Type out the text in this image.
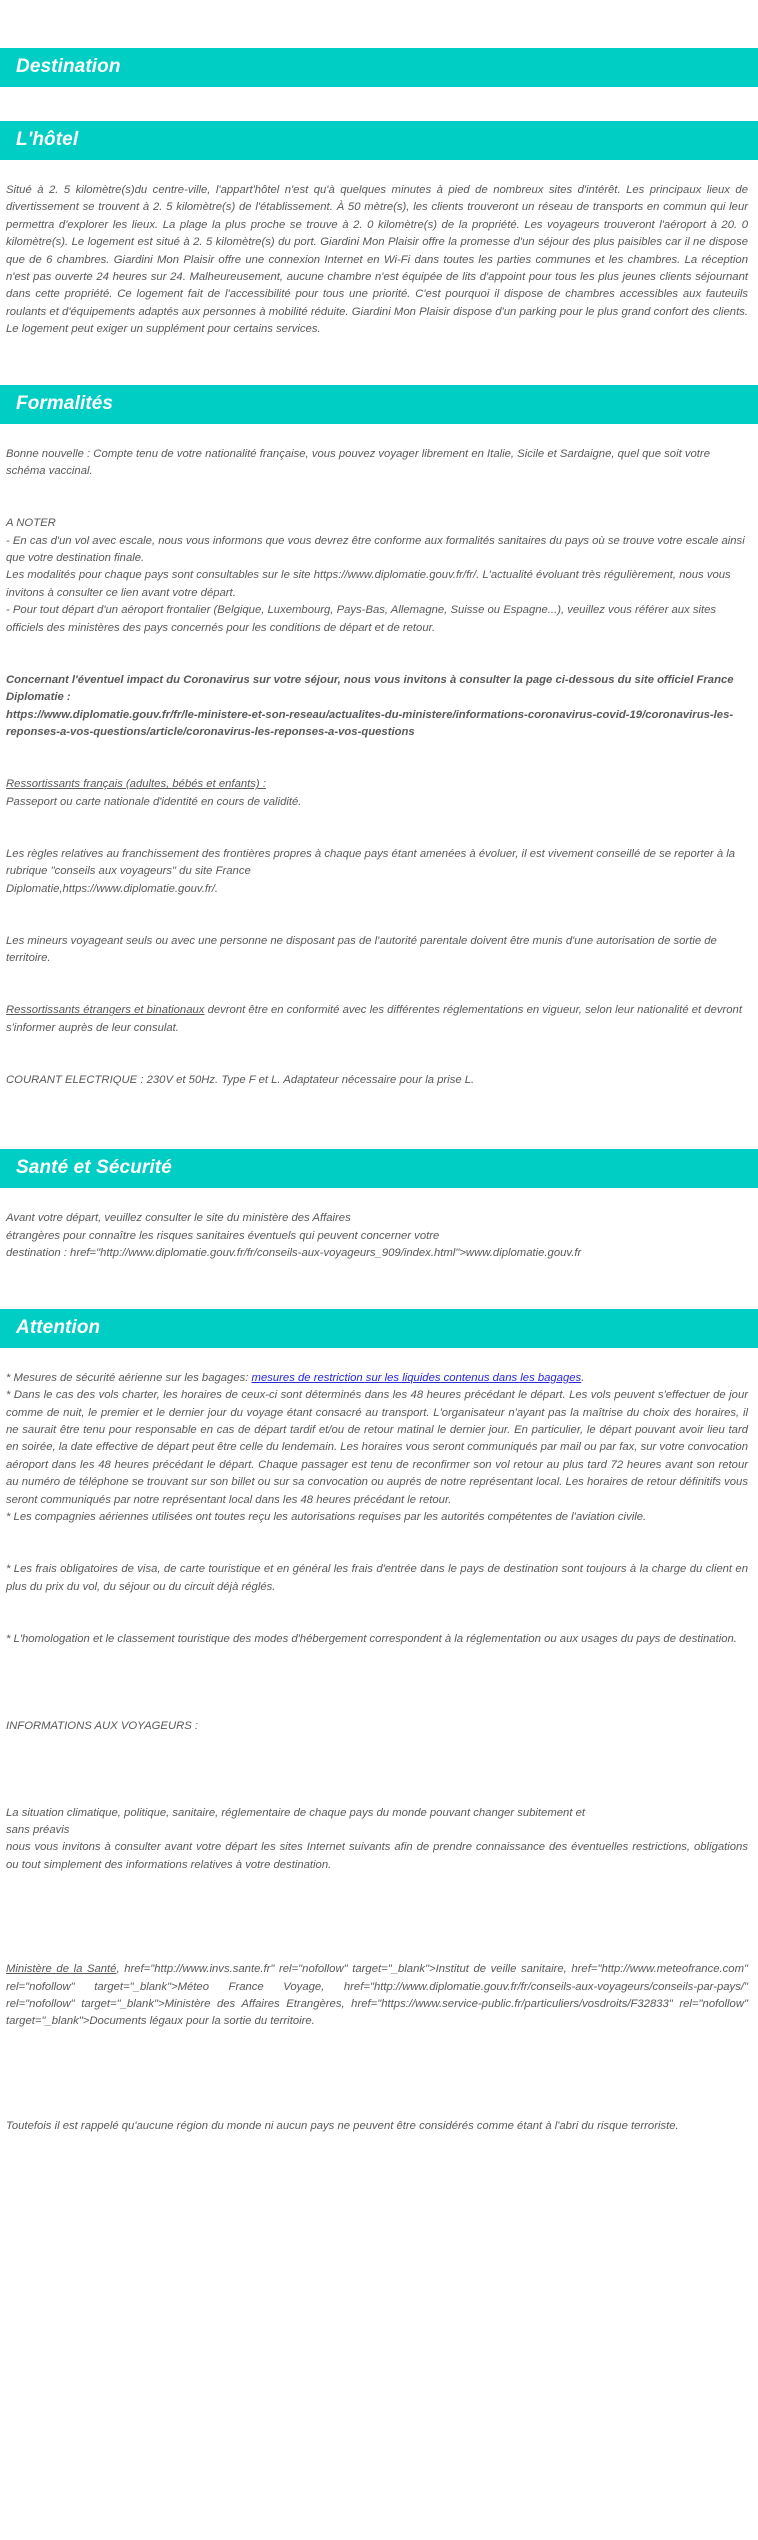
Destination
L'hôtel

Situé à 2. 5 kilomètre(s)du centre-ville, l'appart'hôtel n'est qu'à quelques minutes à pied de nombreux sites d'intérêt. Les principaux lieux de divertissement se trouvent à 2. 5 kilomètre(s) de l'établissement. À 50 mètre(s), les clients trouveront un réseau de transports en commun qui leur permettra d'explorer les lieux. La plage la plus proche se trouve à 2. 0 kilomètre(s) de la propriété. Les voyageurs trouveront l'aéroport à 20. 0 kilomètre(s). Le logement est situé à 2. 5 kilomètre(s) du port. Giardini Mon Plaisir offre la promesse d'un séjour des plus paisibles car il ne dispose que de 6 chambres. Giardini Mon Plaisir offre une connexion Internet en Wi-Fi dans toutes les parties communes et les chambres. La réception n'est pas ouverte 24 heures sur 24. Malheureusement, aucune chambre n'est équipée de lits d'appoint pour tous les plus jeunes clients séjournant dans cette propriété. Ce logement fait de l'accessibilité pour tous une priorité. C'est pourquoi il dispose de chambres accessibles aux fauteuils roulants et d'équipements adaptés aux personnes à mobilité réduite. Giardini Mon Plaisir dispose d'un parking pour le plus grand confort des clients. Le logement peut exiger un supplément pour certains services.

Formalités

Bonne nouvelle : Compte tenu de votre nationalité française, vous pouvez voyager librement en Italie, Sicile et Sardaigne, quel que soit votre schéma vaccinal.

A NOTER

- En cas d'un vol avec escale, nous vous informons que vous devrez être conforme aux formalités sanitaires du pays où se trouve votre escale ainsi que votre destination finale.

Les modalités pour chaque pays sont consultables sur le site https://www.diplomatie.gouv.fr/fr/. L'actualité évoluant très régulièrement, nous vous invitons à consulter ce lien avant votre départ.

- Pour tout départ d'un aéroport frontalier (Belgique, Luxembourg, Pays-Bas, Allemagne, Suisse ou Espagne...), veuillez vous référer aux sites officiels des ministères des pays concernés pour les conditions de départ et de retour.

Concernant l'éventuel impact du Coronavirus sur votre séjour, nous vous invitons à consulter la page ci-dessous du site officiel France Diplomatie :

https://www.diplomatie.gouv.fr/fr/le-ministere-et-son-reseau/actualites-du-ministere/informations-coronavirus-covid-19/coronavirus-les-reponses-a-vos-questions/article/coronavirus-les-reponses-a-vos-questions

Ressortissants français (adultes, bébés et enfants) :

Passeport ou carte nationale d'identité en cours de validité.

Les règles relatives au franchissement des frontières propres à chaque pays étant amenées à évoluer, il est vivement conseillé de se reporter à la rubrique "conseils aux voyageurs" du site France

Diplomatie,https://www.diplomatie.gouv.fr/.

Les mineurs voyageant seuls ou avec une personne ne disposant pas de l'autorité parentale doivent être munis d'une autorisation de sortie de territoire.

Ressortissants étrangers et binationaux devront être en conformité avec les différentes réglementations en vigueur, selon leur nationalité et devront s'informer auprès de leur consulat.

COURANT ELECTRIQUE : 230V et 50Hz. Type F et L. Adaptateur nécessaire pour la prise L.

Santé et Sécurité

Avant votre départ, veuillez consulter le site du ministère des Affaires

étrangères pour connaître les risques sanitaires éventuels qui peuvent concerner votre

destination : href="http://www.diplomatie.gouv.fr/fr/conseils-aux-voyageurs_909/index.html">www.diplomatie.gouv.fr

Attention

* Mesures de sécurité aérienne sur les bagages: mesures de restriction sur les liquides contenus dans les bagages.

* Dans le cas des vols charter, les horaires de ceux-ci sont déterminés dans les 48 heures précédant le départ. Les vols peuvent s'effectuer de jour comme de nuit, le premier et le dernier jour du voyage étant consacré au transport. L'organisateur n'ayant pas la maîtrise du choix des horaires, il ne saurait être tenu pour responsable en cas de départ tardif et/ou de retour matinal le dernier jour. En particulier, le départ pouvant avoir lieu tard en soirée, la date effective de départ peut être celle du lendemain. Les horaires vous seront communiqués par mail ou par fax, sur votre convocation aéroport dans les 48 heures précédant le départ. Chaque passager est tenu de reconfirmer son vol retour au plus tard 72 heures avant son retour au numéro de téléphone se trouvant sur son billet ou sur sa convocation ou auprés de notre représentant local. Les horaires de retour définitifs vous seront communiqués par notre représentant local dans les 48 heures précédant le retour.

* Les compagnies aériennes utilisées ont toutes reçu les autorisations requises par les autorités compétentes de l'aviation civile.

* Les frais obligatoires de visa, de carte touristique et en général les frais d'entrée dans le pays de destination sont toujours à la charge du client en plus du prix du vol, du séjour ou du circuit déjà réglés.

* L'homologation et le classement touristique des modes d'hébergement correspondent à la réglementation ou aux usages du pays de destination.

INFORMATIONS AUX VOYAGEURS :

La situation climatique, politique, sanitaire, réglementaire de chaque pays du monde pouvant changer subitement et

sans préavis

nous vous invitons à consulter avant votre départ les sites Internet suivants afin de prendre connaissance des éventuelles restrictions, obligations ou tout simplement des informations relatives à votre destination.

Ministère de la Santé, href="http://www.invs.sante.fr" rel="nofollow" target="_blank">Institut de veille sanitaire, href="http://www.meteofrance.com" rel="nofollow" target="_blank">Méteo France Voyage, href="http://www.diplomatie.gouv.fr/fr/conseils-aux-voyageurs/conseils-par-pays/" rel="nofollow" target="_blank">Ministère des Affaires Etrangères, href="https://www.service-public.fr/particuliers/vosdroits/F32833" rel="nofollow" target="_blank">Documents légaux pour la sortie du territoire.

Toutefois il est rappelé qu'aucune région du monde ni aucun pays ne peuvent être considérés comme étant à l'abri du risque terroriste.
